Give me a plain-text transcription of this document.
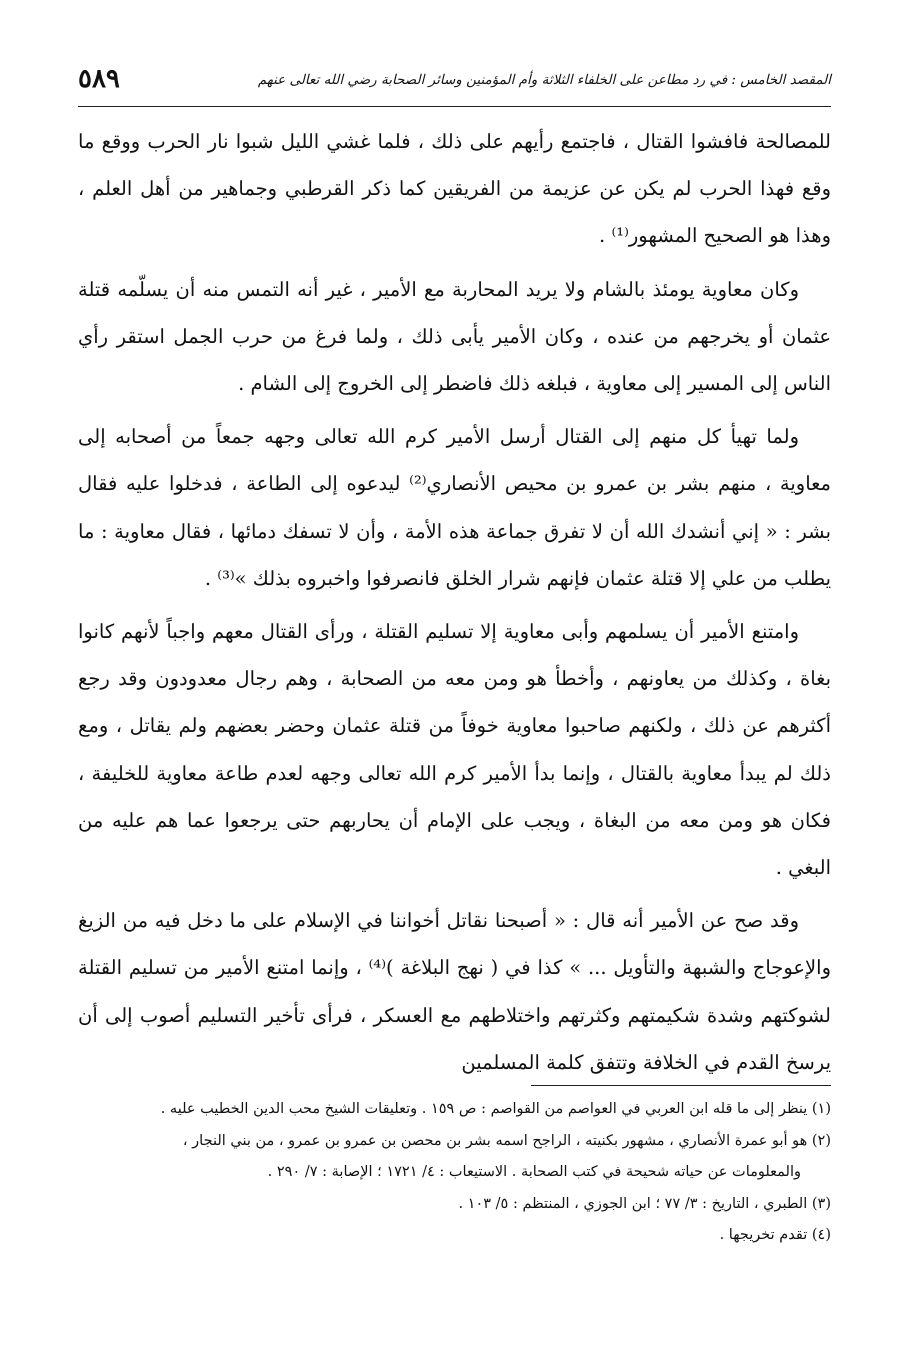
المقصد الخامس : في رد مطاعن على الخلفاء الثلاثة وأم المؤمنين وسائر الصحابة رضي الله تعالى عنهم
٥٨٩

للمصالحة فافشوا القتال ، فاجتمع رأيهم على ذلك ، فلما غشي الليل شبوا نار الحرب ووقع ما وقع فهذا الحرب لم يكن عن عزيمة من الفريقين كما ذكر القرطبي وجماهير من أهل العلم ، وهذا هو الصحيح المشهور⁽¹⁾ .

وكان معاوية يومئذ بالشام ولا يريد المحاربة مع الأمير ، غير أنه التمس منه أن يسلّمه قتلة عثمان أو يخرجهم من عنده ، وكان الأمير يأبى ذلك ، ولما فرغ من حرب الجمل استقر رأي الناس إلى المسير إلى معاوية ، فبلغه ذلك فاضطر إلى الخروج إلى الشام .

ولما تهيأ كل منهم إلى القتال أرسل الأمير كرم الله تعالى وجهه جمعاً من أصحابه إلى معاوية ، منهم بشر بن عمرو بن محيص الأنصاري⁽²⁾ ليدعوه إلى الطاعة ، فدخلوا عليه فقال بشر : « إني أنشدك الله أن لا تفرق جماعة هذه الأمة ، وأن لا تسفك دمائها ، فقال معاوية : ما يطلب من علي إلا قتلة عثمان فإنهم شرار الخلق فانصرفوا واخبروه بذلك »⁽³⁾ .

وامتنع الأمير أن يسلمهم وأبى معاوية إلا تسليم القتلة ، ورأى القتال معهم واجباً لأنهم كانوا بغاة ، وكذلك من يعاونهم ، وأخطأ هو ومن معه من الصحابة ، وهم رجال معدودون وقد رجع أكثرهم عن ذلك ، ولكنهم صاحبوا معاوية خوفاً من قتلة عثمان وحضر بعضهم ولم يقاتل ، ومع ذلك لم يبدأ معاوية بالقتال ، وإنما بدأ الأمير كرم الله تعالى وجهه لعدم طاعة معاوية للخليفة ، فكان هو ومن معه من البغاة ، ويجب على الإمام أن يحاربهم حتى يرجعوا عما هم عليه من البغي .

وقد صح عن الأمير أنه قال : « أصبحنا نقاتل أخواننا في الإسلام على ما دخل فيه من الزيغ والإعوجاج والشبهة والتأويل ... » كذا في ( نهج البلاغة )⁽⁴⁾ ، وإنما امتنع الأمير من تسليم القتلة لشوكتهم وشدة شكيمتهم وكثرتهم واختلاطهم مع العسكر ، فرأى تأخير التسليم أصوب إلى أن يرسخ القدم في الخلافة وتتفق كلمة المسلمين

(١) ينظر إلى ما قله ابن العربي في العواصم من القواصم : ص ١٥٩ . وتعليقات الشيخ محب الدين الخطيب عليه .

(٢) هو أبو عمرة الأنصاري ، مشهور بكنيته ، الراجح اسمه بشر بن محصن بن عمرو بن عمرو ، من بني النجار ،

والمعلومات عن حياته شحيحة في كتب الصحابة . الاستيعاب : ٤/ ١٧٢١ ؛ الإصابة : ٧/ ٢٩٠ .

(٣) الطبري ، التاريخ : ٣/ ٧٧ ؛ ابن الجوزي ، المنتظم : ٥/ ١٠٣ .

(٤) تقدم تخريجها .
